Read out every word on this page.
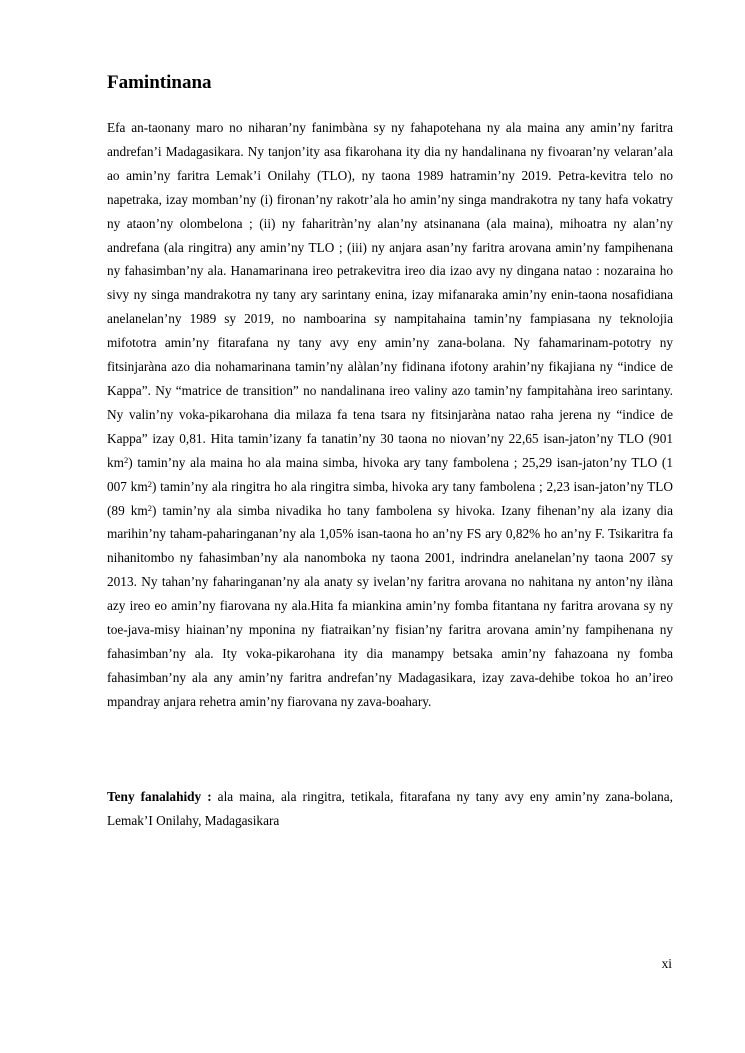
Famintinana

Efa an-taonany maro no niharan’ny fanimbàna sy ny fahapotehana ny ala maina any amin’ny faritra andrefan’i Madagasikara. Ny tanjon’ity asa fikarohana ity dia ny handalinana ny fivoaran’ny velaran’ala ao amin’ny faritra Lemak’i Onilahy (TLO), ny taona 1989 hatramin’ny 2019. Petra-kevitra telo no napetraka, izay momban’ny (i) fironan’ny rakotr’ala ho amin’ny singa mandrakotra ny tany hafa vokatry ny ataon’ny olombelona ; (ii) ny faharitràn’ny alan’ny atsinanana (ala maina), mihoatra ny alan’ny andrefana (ala ringitra) any amin’ny TLO ; (iii) ny anjara asan’ny faritra arovana amin’ny fampihenana ny fahasimban’ny ala. Hanamarinana ireo petrakevitra ireo dia izao avy ny dingana natao : nozaraina ho sivy ny singa mandrakotra ny tany ary sarintany enina, izay mifanaraka amin’ny enin-taona nosafidiana anelanelan’ny 1989 sy 2019, no namboarina sy nampitahaina tamin’ny fampiasana ny teknolojia mifototra amin’ny fitarafana ny tany avy eny amin’ny zana-bolana. Ny fahamarinam-pototry ny fitsinjaràna azo dia nohamarinana tamin’ny alàlan’ny fidinana ifotony arahin’ny fikajiana ny “indice de Kappa”. Ny “matrice de transition” no nandalinana ireo valiny azo tamin’ny fampitahàna ireo sarintany. Ny valin’ny voka-pikarohana dia milaza fa tena tsara ny fitsinjaràna natao raha jerena ny “indice de Kappa” izay 0,81. Hita tamin’izany fa tanatin’ny 30 taona no niovan’ny 22,65 isan-jaton’ny TLO (901 $km^2$) tamin’ny ala maina ho ala maina simba, hivoka ary tany fambolena ; 25,29 isan-jaton’ny TLO (1 007 $km^2$) tamin’ny ala ringitra ho ala ringitra simba, hivoka ary tany fambolena ; 2,23 isan-jaton’ny TLO (89 $km^2$) tamin’ny ala simba nivadika ho tany fambolena sy hivoka. Izany fihenan’ny ala izany dia marihin’ny taham-paharinganan’ny ala 1,05% isan-taona ho an’ny FS ary 0,82% ho an’ny F. Tsikaritra fa nihanitombo ny fahasimban’ny ala nanomboka ny taona 2001, indrindra anelanelan’ny taona 2007 sy 2013. Ny tahan’ny faharinganan’ny ala anaty sy ivelan’ny faritra arovana no nahitana ny anton’ny ilàna azy ireo eo amin’ny fiarovana ny ala.Hita fa miankina amin’ny fomba fitantana ny faritra arovana sy ny toe-java-misy hiainan’ny mponina ny fiatraikan’ny fisian’ny faritra arovana amin’ny fampihenana ny fahasimban’ny ala. Ity voka-pikarohana ity dia manampy betsaka amin’ny fahazoana ny fomba fahasimban’ny ala any amin’ny faritra andrefan’ny Madagasikara, izay zava-dehibe tokoa ho an’ireo mpandray anjara rehetra amin’ny fiarovana ny zava-boahary.

Teny fanalahidy : ala maina, ala ringitra, tetikala, fitarafana ny tany avy eny amin’ny zana-bolana, Lemak’I Onilahy, Madagasikara

xi
